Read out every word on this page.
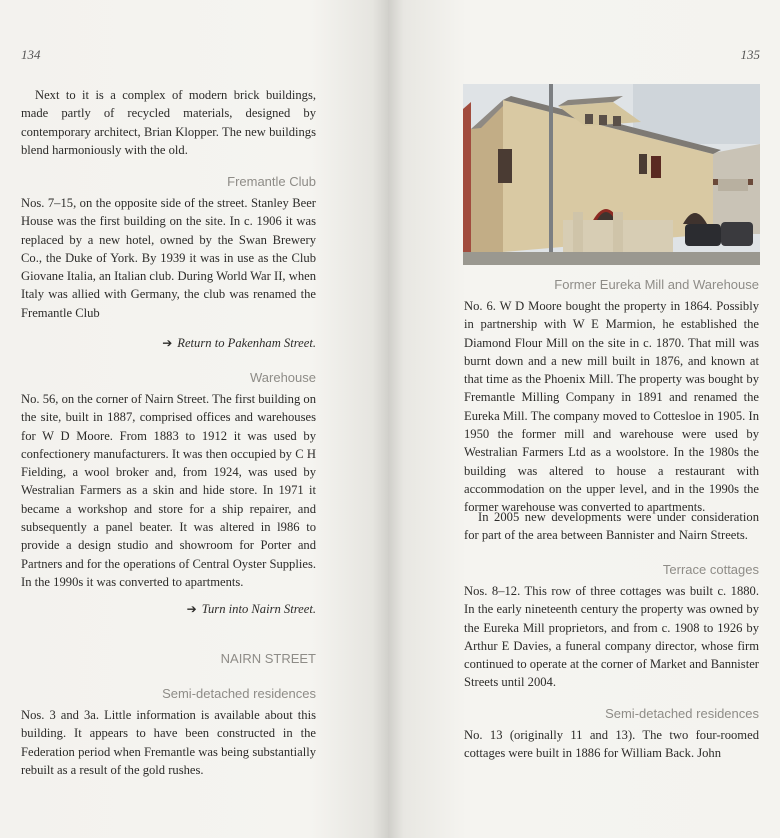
134

Next to it is a complex of modern brick buildings, made partly of recycled materials, designed by contemporary architect, Brian Klopper. The new buildings blend harmoniously with the old.

Fremantle Club

Nos. 7–15, on the opposite side of the street. Stanley Beer House was the first building on the site. In c. 1906 it was replaced by a new hotel, owned by the Swan Brewery Co., the Duke of York. By 1939 it was in use as the Club Giovane Italia, an Italian club. During World War II, when Italy was allied with Germany, the club was renamed the Fremantle Club

➔ Return to Pakenham Street.

Warehouse

No. 56, on the corner of Nairn Street. The first building on the site, built in 1887, comprised offices and warehouses for W D Moore. From 1883 to 1912 it was used by confectionery manufacturers. It was then occupied by C H Fielding, a wool broker and, from 1924, was used by Westralian Farmers as a skin and hide store. In 1971 it became a workshop and store for a ship repairer, and subsequently a panel beater. It was altered in l986 to provide a design studio and showroom for Porter and Partners and for the operations of Central Oyster Supplies. In the 1990s it was converted to apartments.

➔ Turn into Nairn Street.

NAIRN STREET

Semi-detached residences

Nos. 3 and 3a. Little information is available about this building. It appears to have been constructed in the Federation period when Fremantle was being substantially rebuilt as a result of the gold rushes.

135

Former Eureka Mill and Warehouse

No. 6. W D Moore bought the property in 1864. Possibly in partnership with W E Marmion, he established the Diamond Flour Mill on the site in c. 1870. That mill was burnt down and a new mill built in 1876, and known at that time as the Phoenix Mill. The property was bought by Fremantle Milling Company in 1891 and renamed the Eureka Mill. The company moved to Cottesloe in 1905. In 1950 the former mill and warehouse were used by Westralian Farmers Ltd as a woolstore. In the 1980s the building was altered to house a restaurant with accommodation on the upper level, and in the 1990s the former warehouse was converted to apartments.

In 2005 new developments were under consideration for part of the area between Bannister and Nairn Streets.

Terrace cottages

Nos. 8–12. This row of three cottages was built c. 1880. In the early nineteenth century the property was owned by the Eureka Mill proprietors, and from c. 1908 to 1926 by Arthur E Davies, a funeral company director, whose firm continued to operate at the corner of Market and Bannister Streets until 2004.

Semi-detached residences

No. 13 (originally 11 and 13). The two four-roomed cottages were built in 1886 for William Back. John
